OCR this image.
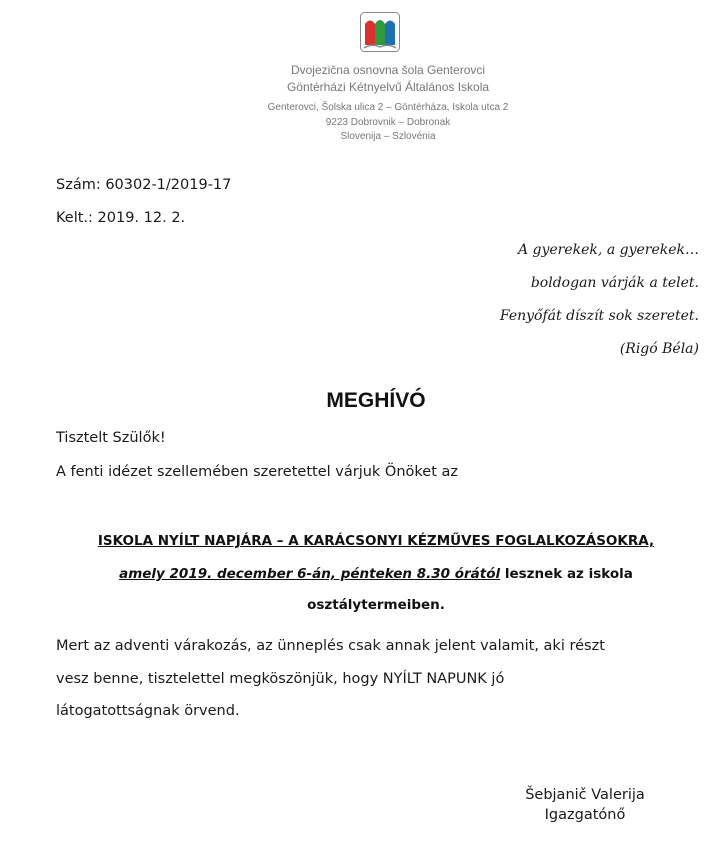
Dvojezična osnovna šola Genterovci
Göntérházi Kétnyelvű Általános Iskola
Genterovci, Šolska ulica 2 – Göntérháza, Iskola utca 2
9223 Dobrovnik – Dobronak
Slovenija – Szlovénia
Szám: 60302-1/2019-17
Kelt.: 2019. 12. 2.
A gyerekek, a gyerekek…
boldogan várják a telet.
Fenyőfát díszít sok szeretet.
(Rigó Béla)
MEGHÍVÓ
Tisztelt Szülők!
A fenti idézet szellemében szeretettel várjuk Önöket az
ISKOLA NYÍLT NAPJÁRA – A KARÁCSONYI KÉZMŰVES FOGLALKOZÁSOKRA,
amely 2019. december 6-án, pénteken 8.30 órától lesznek az iskola
osztálytermeiben.
Mert az adventi várakozás, az ünneplés csak annak jelent valamit, aki részt
vesz benne, tisztelettel megköszönjük, hogy NYÍLT NAPUNK jó
látogatottságnak örvend.
Šebjanič Valerija
Igazgatónő
